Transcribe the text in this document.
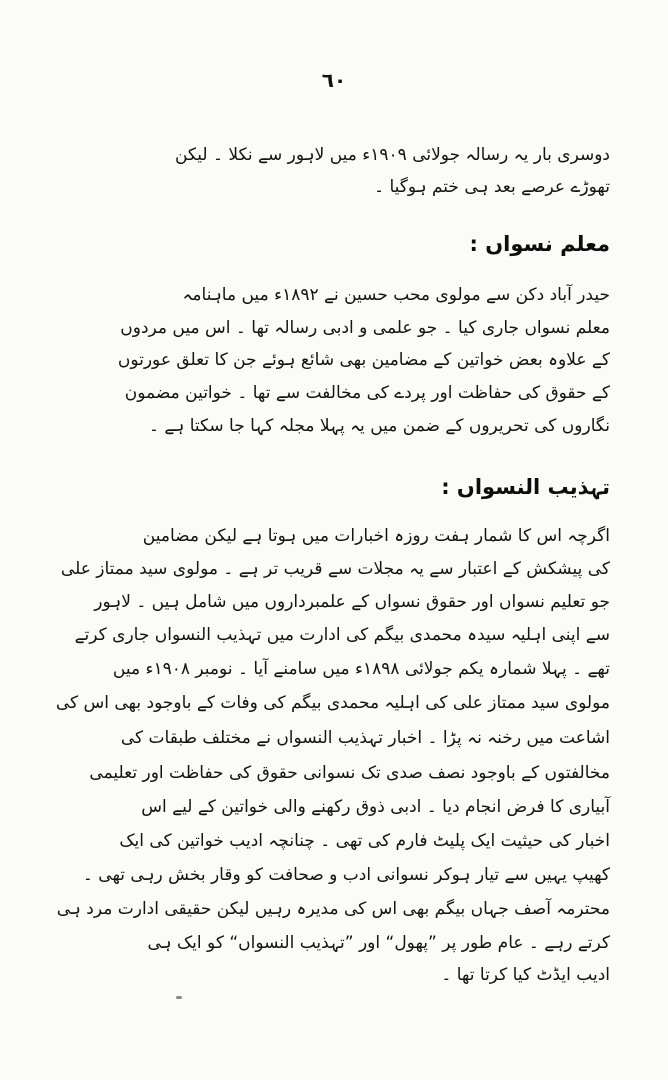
٦٠
دوسری بار یہ رسالہ جولائی ۱۹۰۹ء میں لاہور سے نکلا ۔ لیکن
تھوڑے عرصے بعد ہی ختم ہوگیا ۔
معلم نسواں :
حیدر آباد دکن سے مولوی محب حسین نے ۱۸۹۲ء میں ماہنامہ
معلم نسواں جاری کیا ۔ جو علمی و ادبی رسالہ تھا ۔ اس میں مردوں
کے علاوہ بعض خواتین کے مضامین بھی شائع ہوئے جن کا تعلق عورتوں
کے حقوق کی حفاظت اور پردے کی مخالفت سے تھا ۔ خواتین مضمون
نگاروں کی تحریروں کے ضمن میں یہ پہلا مجلہ کہا جا سکتا ہے ۔
تہذیب النسواں :
اگرچہ اس کا شمار ہفت روزہ اخبارات میں ہوتا ہے لیکن مضامین
کی پیشکش کے اعتبار سے یہ مجلات سے قریب تر ہے ۔ مولوی سید ممتاز علی
جو تعلیم نسواں اور حقوق نسواں کے علمبرداروں میں شامل ہیں ۔ لاہور
سے اپنی اہلیہ سیدہ محمدی بیگم کی ادارت میں تہذیب النسواں جاری کرتے
تھے ۔ پہلا شمارہ یکم جولائی ۱۸۹۸ء میں سامنے آیا ۔ نومبر ۱۹۰۸ء میں
مولوی سید ممتاز علی کی اہلیہ محمدی بیگم کی وفات کے باوجود بھی اس کی
اشاعت میں رخنہ نہ پڑا ۔ اخبار تہذیب النسواں نے مختلف طبقات کی
مخالفتوں کے باوجود نصف صدی تک نسوانی حقوق کی حفاظت اور تعلیمی
آبیاری کا فرض انجام دیا ۔ ادبی ذوق رکھنے والی خواتین کے لیے اس
اخبار کی حیثیت ایک پلیٹ فارم کی تھی ۔ چنانچہ ادیب خواتین کی ایک
کھیپ یہیں سے تیار ہوکر نسوانی ادب و صحافت کو وقار بخش رہی تھی ۔
محترمہ آصف جہاں بیگم بھی اس کی مدیرہ رہیں لیکن حقیقی ادارت مرد ہی
کرتے رہے ۔ عام طور پر ”پھول“ اور ”تہذیب النسواں“ کو ایک ہی
ادیب ایڈٹ کیا کرتا تھا ۔
